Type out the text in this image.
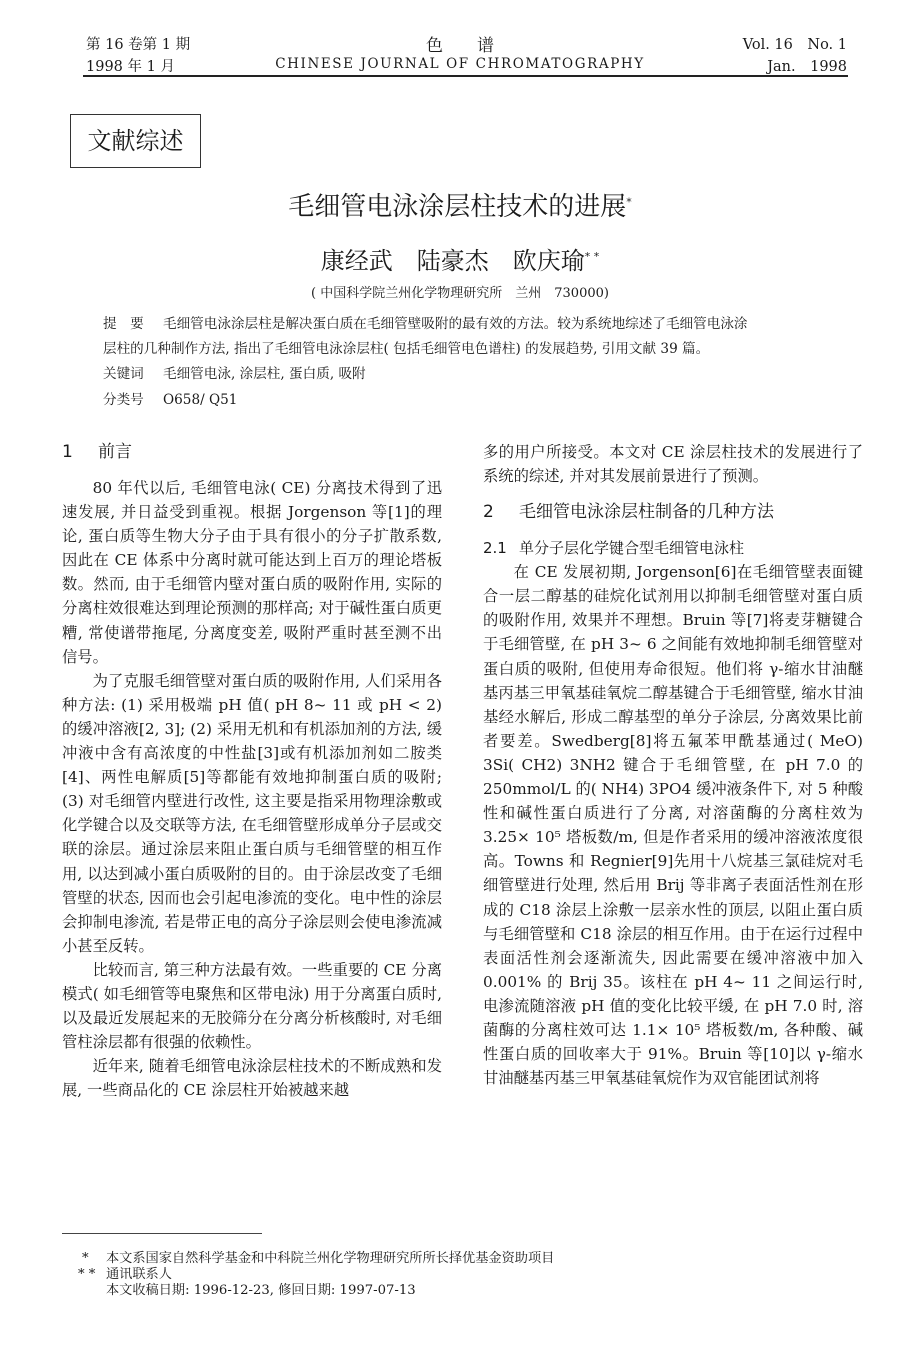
第 16 卷第 1 期
1998 年 1 月
色　　谱
CHINESE JOURNAL OF CHROMATOGRAPHY
Vol. 16　No. 1
Jan.　1998
文献综述
毛细管电泳涂层柱技术的进展*
康经武　陆豪杰　欧庆瑜* *
( 中国科学院兰州化学物理研究所　兰州　730000)
提　要 毛细管电泳涂层柱是解决蛋白质在毛细管壁吸附的最有效的方法。较为系统地综述了毛细管电泳涂
层柱的几种制作方法, 指出了毛细管电泳涂层柱( 包括毛细管电色谱柱) 的发展趋势, 引用文献 39 篇。
关键词 毛细管电泳, 涂层柱, 蛋白质, 吸附
分类号 O658/ Q51
1 前言

80 年代以后, 毛细管电泳( CE) 分离技术得到了迅速发展, 并日益受到重视。根据 Jorgenson 等[1]的理论, 蛋白质等生物大分子由于具有很小的分子扩散系数, 因此在 CE 体系中分离时就可能达到上百万的理论塔板数。然而, 由于毛细管内壁对蛋白质的吸附作用, 实际的分离柱效很难达到理论预测的那样高; 对于碱性蛋白质更糟, 常使谱带拖尾, 分离度变差, 吸附严重时甚至测不出信号。

为了克服毛细管壁对蛋白质的吸附作用, 人们采用各种方法: (1) 采用极端 pH 值( pH 8~ 11 或 pH < 2) 的缓冲溶液[2, 3]; (2) 采用无机和有机添加剂的方法, 缓冲液中含有高浓度的中性盐[3]或有机添加剂如二胺类[4]、两性电解质[5]等都能有效地抑制蛋白质的吸附; (3) 对毛细管内壁进行改性, 这主要是指采用物理涂敷或化学键合以及交联等方法, 在毛细管壁形成单分子层或交联的涂层。通过涂层来阻止蛋白质与毛细管壁的相互作用, 以达到减小蛋白质吸附的目的。由于涂层改变了毛细管壁的状态, 因而也会引起电渗流的变化。电中性的涂层会抑制电渗流, 若是带正电的高分子涂层则会使电渗流减小甚至反转。

比较而言, 第三种方法最有效。一些重要的 CE 分离模式( 如毛细管等电聚焦和区带电泳) 用于分离蛋白质时, 以及最近发展起来的无胶筛分在分离分析核酸时, 对毛细管柱涂层都有很强的依赖性。

近年来, 随着毛细管电泳涂层柱技术的不断成熟和发展, 一些商品化的 CE 涂层柱开始被越来越

多的用户所接受。本文对 CE 涂层柱技术的发展进行了系统的综述, 并对其发展前景进行了预测。

2 毛细管电泳涂层柱制备的几种方法
2.1 单分子层化学键合型毛细管电泳柱

在 CE 发展初期, Jorgenson[6]在毛细管壁表面键合一层二醇基的硅烷化试剂用以抑制毛细管壁对蛋白质的吸附作用, 效果并不理想。Bruin 等[7]将麦芽糖键合于毛细管壁, 在 pH 3~ 6 之间能有效地抑制毛细管壁对蛋白质的吸附, 但使用寿命很短。他们将 γ-缩水甘油醚基丙基三甲氧基硅氧烷二醇基键合于毛细管壁, 缩水甘油基经水解后, 形成二醇基型的单分子涂层, 分离效果比前者要差。Swedberg[8]将五氟苯甲酰基通过( MeO) 3Si( CH2) 3NH2 键合于毛细管壁, 在 pH 7.0 的 250mmol/L 的( NH4) 3PO4 缓冲液条件下, 对 5 种酸性和碱性蛋白质进行了分离, 对溶菌酶的分离柱效为 3.25× 10⁵ 塔板数/m, 但是作者采用的缓冲溶液浓度很高。Towns 和 Regnier[9]先用十八烷基三氯硅烷对毛细管壁进行处理, 然后用 Brij 等非离子表面活性剂在形成的 C18 涂层上涂敷一层亲水性的顶层, 以阻止蛋白质与毛细管壁和 C18 涂层的相互作用。由于在运行过程中表面活性剂会逐渐流失, 因此需要在缓冲溶液中加入 0.001% 的 Brij 35。该柱在 pH 4~ 11 之间运行时, 电渗流随溶液 pH 值的变化比较平缓, 在 pH 7.0 时, 溶菌酶的分离柱效可达 1.1× 10⁵ 塔板数/m, 各种酸、碱性蛋白质的回收率大于 91%。Bruin 等[10]以 γ-缩水甘油醚基丙基三甲氧基硅氧烷作为双官能团试剂将

* 本文系国家自然科学基金和中科院兰州化学物理研究所所长择优基金资助项目
* * 通讯联系人
本文收稿日期: 1996-12-23, 修回日期: 1997-07-13
